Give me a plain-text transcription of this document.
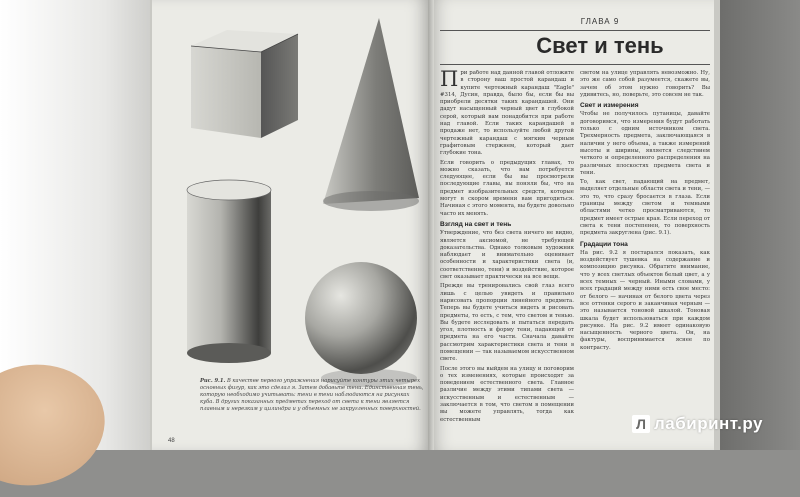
Рис. 9.1. В качестве первого упражнения нарисуйте контуры этих четырех основных фигур, как это сделал я. Затем добавьте тени. Единственная тень, которую необходимо учитывать: тени в тени наблюдаются на рисунках куба. В других показанных предметах переход от света к тени является плавным и нерезким у цилиндра и у объемных не закругленных поверхностей.
48
ГЛАВА 9
Свет и тень

При работе над данной главой отложите в сторону ваш простой карандаш и купите чертежный карандаш "Eagle" #314, Дусин, правда, было бы, если бы вы приобрели десятки таких карандашей. Они дадут насыщенный черный цвет в глубокой серой, который вам понадобится при работе над главой. Если таких карандашей в продаже нет, то используйте любой другой чертежный карандаш с мягким черным графитовым стержнем, который дает глубокие тона.

Если говорить о предыдущих главах, то можно сказать, что вам потребуется следующее, если бы вы просмотрели последующие главы, вы поняли бы, что на предмет изобразительных средств, которые могут в скором времени вам пригодиться. Начиная с этого момента, вы будете довольно часто их менять.

Взгляд на свет и тень

Утверждение, что без света ничего не видно, является аксиомой, не требующей доказательства. Однако толковым художник наблюдает и внимательно оценивает особенности и характеристики света (и, соответственно, тени) и воздействие, которое свет оказывает практически на все вещи.

Прежде вы тренировались свой глаз всего лишь с целью увидеть и правильно нарисовать пропорции линейного предмета. Теперь вы будете учиться видеть и рисовать предметы, то есть, с тем, что светом и тенью. Вы будете исследовать и пытаться передать угол, плотность и форму тени, падающей от предмета на его части. Сначала давайте рассмотрим характеристики света и тени в помещении — так называемом искусственном свете.

После этого вы выйдем на улицу и поговорим о тех изменениях, которые происходят за поведением естественного света. Главное различие между этими типами света — искусственным и естественным — заключается в том, что светом в помещении вы можете управлять, тогда как естественным

светом на улице управлять невозможно. Ну, это же само собой разумеется, скажете вы, зачем об этом нужно говорить? Вы удивитесь, но, поверьте, это совсем не так.

Свет и измерения

Чтобы не получилось путаницы, давайте договоримся, что измерения будут работать только с одним источником света. Трехмерность предмета, заключающаяся в наличии у него объема, а также измерений высоты и ширины, является следствием четкого и определенного распределения на различных плоскостях предмета света и тени.

То, как свет, падающий на предмет, выделяет отдельные области света и тени, — это то, что сразу бросается в глаза. Если границы между светом и темными областями четко просматриваются, то предмет имеет острые края. Если переход от света к тени постепенен, то поверхность предмета закруглена (рис. 9.1).

Градации тона

На рис. 9.2 я постарался показать, как воздействует тушевка на содержание и композицию рисунка. Обратите внимание, что у всех светлых объектов белый цвет, а у всех темных — черный. Иными словами, у всех градаций между ними есть свое место: от белого — начиная от белого цвета через все оттенки серого и заканчивая черным — это называется тоновой шкалой. Тоновая шкала будет использоваться при каждом рисунке. На рис. 9.2 имеет одинаковую насыщенность черного цвета. Он, на фактуры, воспринимается яснее по контрасту.

Л лабиринт.ру
